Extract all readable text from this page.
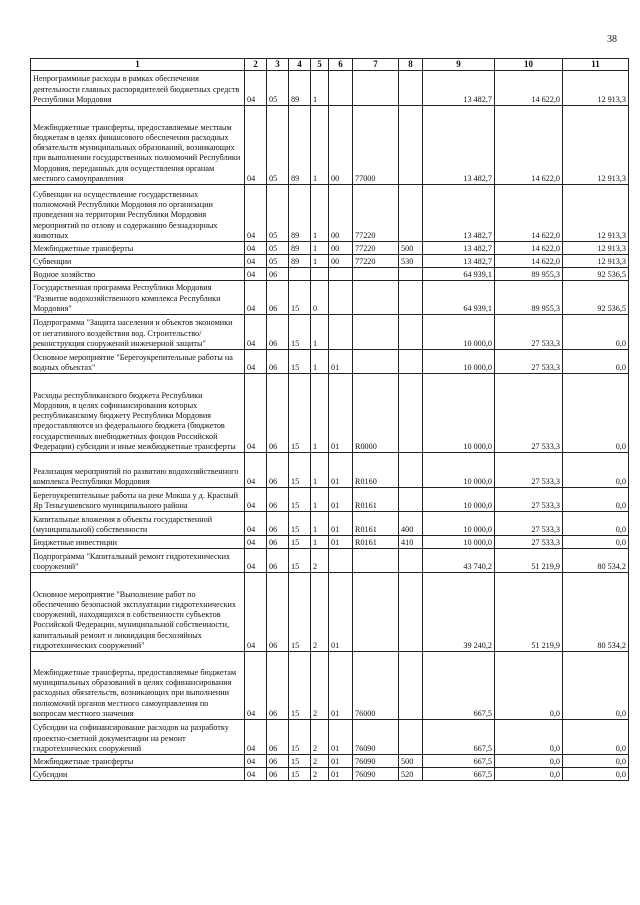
38
1	2	3	4	5	6	7	8	9	10	11
Непрограммные расходы в рамках обеспечения деятельности главных распорядителей бюджетных средств Республики Мордовия	04	05	89	1				13 482,7	14 622,0	12 913,3
Межбюджетные трансферты, предоставляемые местным бюджетам в целях финансового обеспечения расходных обязательств муниципальных образований, возникающих при выполнении государственных полномочий Республики Мордовия, переданных для осуществления органам местного самоуправления	04	05	89	1	00	77000		13 482,7	14 622,0	12 913,3
Субвенции на осуществление государственных полномочий Республики Мордовия по организации проведения на территории Республики Мордовия мероприятий по отлову и содержанию безнадзорных животных	04	05	89	1	00	77220		13 482,7	14 622,0	12 913,3
Межбюджетные трансферты	04	05	89	1	00	77220	500	13 482,7	14 622,0	12 913,3
Субвенции	04	05	89	1	00	77220	530	13 482,7	14 622,0	12 913,3
Водное хозяйство	04	06						64 939,1	89 955,3	92 536,5
Государственная программа Республики Мордовия "Развитие водохозяйственного комплекса Республики Мордовия"	04	06	15	0				64 939,1	89 955,3	92 536,5
Подпрограмма "Защита населения и объектов экономики от негативного воздействия вод. Строительство/реконструкция сооружений инженерной защиты"	04	06	15	1				10 000,0	27 533,3	0,0
Основное мероприятие "Берегоукрепительные работы на водных объектах"	04	06	15	1	01			10 000,0	27 533,3	0,0
Расходы республиканского бюджета Республики Мордовия, в целях софинансирования которых республиканскому бюджету Республики Мордовия предоставляются из федерального бюджета (бюджетов государственных внебюджетных фондов Российской Федерации) субсидии и иные межбюджетные трансферты	04	06	15	1	01	R0000		10 000,0	27 533,3	0,0
Реализация мероприятий по развитию водохозяйственного комплекса Республики Мордовия	04	06	15	1	01	R0160		10 000,0	27 533,3	0,0
Берегоукрепительные работы на реке Мокша у д. Красный Яр Теньгушевского муниципального района	04	06	15	1	01	R0161		10 000,0	27 533,3	0,0
Капитальные вложения в объекты государственной (муниципальной) собственности	04	06	15	1	01	R0161	400	10 000,0	27 533,3	0,0
Бюджетные инвестиции	04	06	15	1	01	R0161	410	10 000,0	27 533,3	0,0
Подпрограмма "Капитальный ремонт гидротехнических сооружений"	04	06	15	2				43 740,2	51 219,9	80 534,2
Основное мероприятие "Выполнение работ по обеспечению безопасной эксплуатации гидротехнических сооружений, находящихся в собственности субъектов Российской Федерации, муниципальной собственности, капитальный ремонт и ликвидация бесхозяйных гидротехнических сооружений"	04	06	15	2	01			39 240,2	51 219,9	80 534,2
Межбюджетные трансферты, предоставляемые бюджетам муниципальных образований в целях софинансирования расходных обязательств, возникающих при выполнении полномочий органов местного самоуправления по вопросам местного значения	04	06	15	2	01	76000		667,5	0,0	0,0
Субсидии на софинансирование расходов на разработку проектно-сметной документации на ремонт гидротехнических сооружений	04	06	15	2	01	76090		667,5	0,0	0,0
Межбюджетные трансферты	04	06	15	2	01	76090	500	667,5	0,0	0,0
Субсидии	04	06	15	2	01	76090	520	667,5	0,0	0,0
